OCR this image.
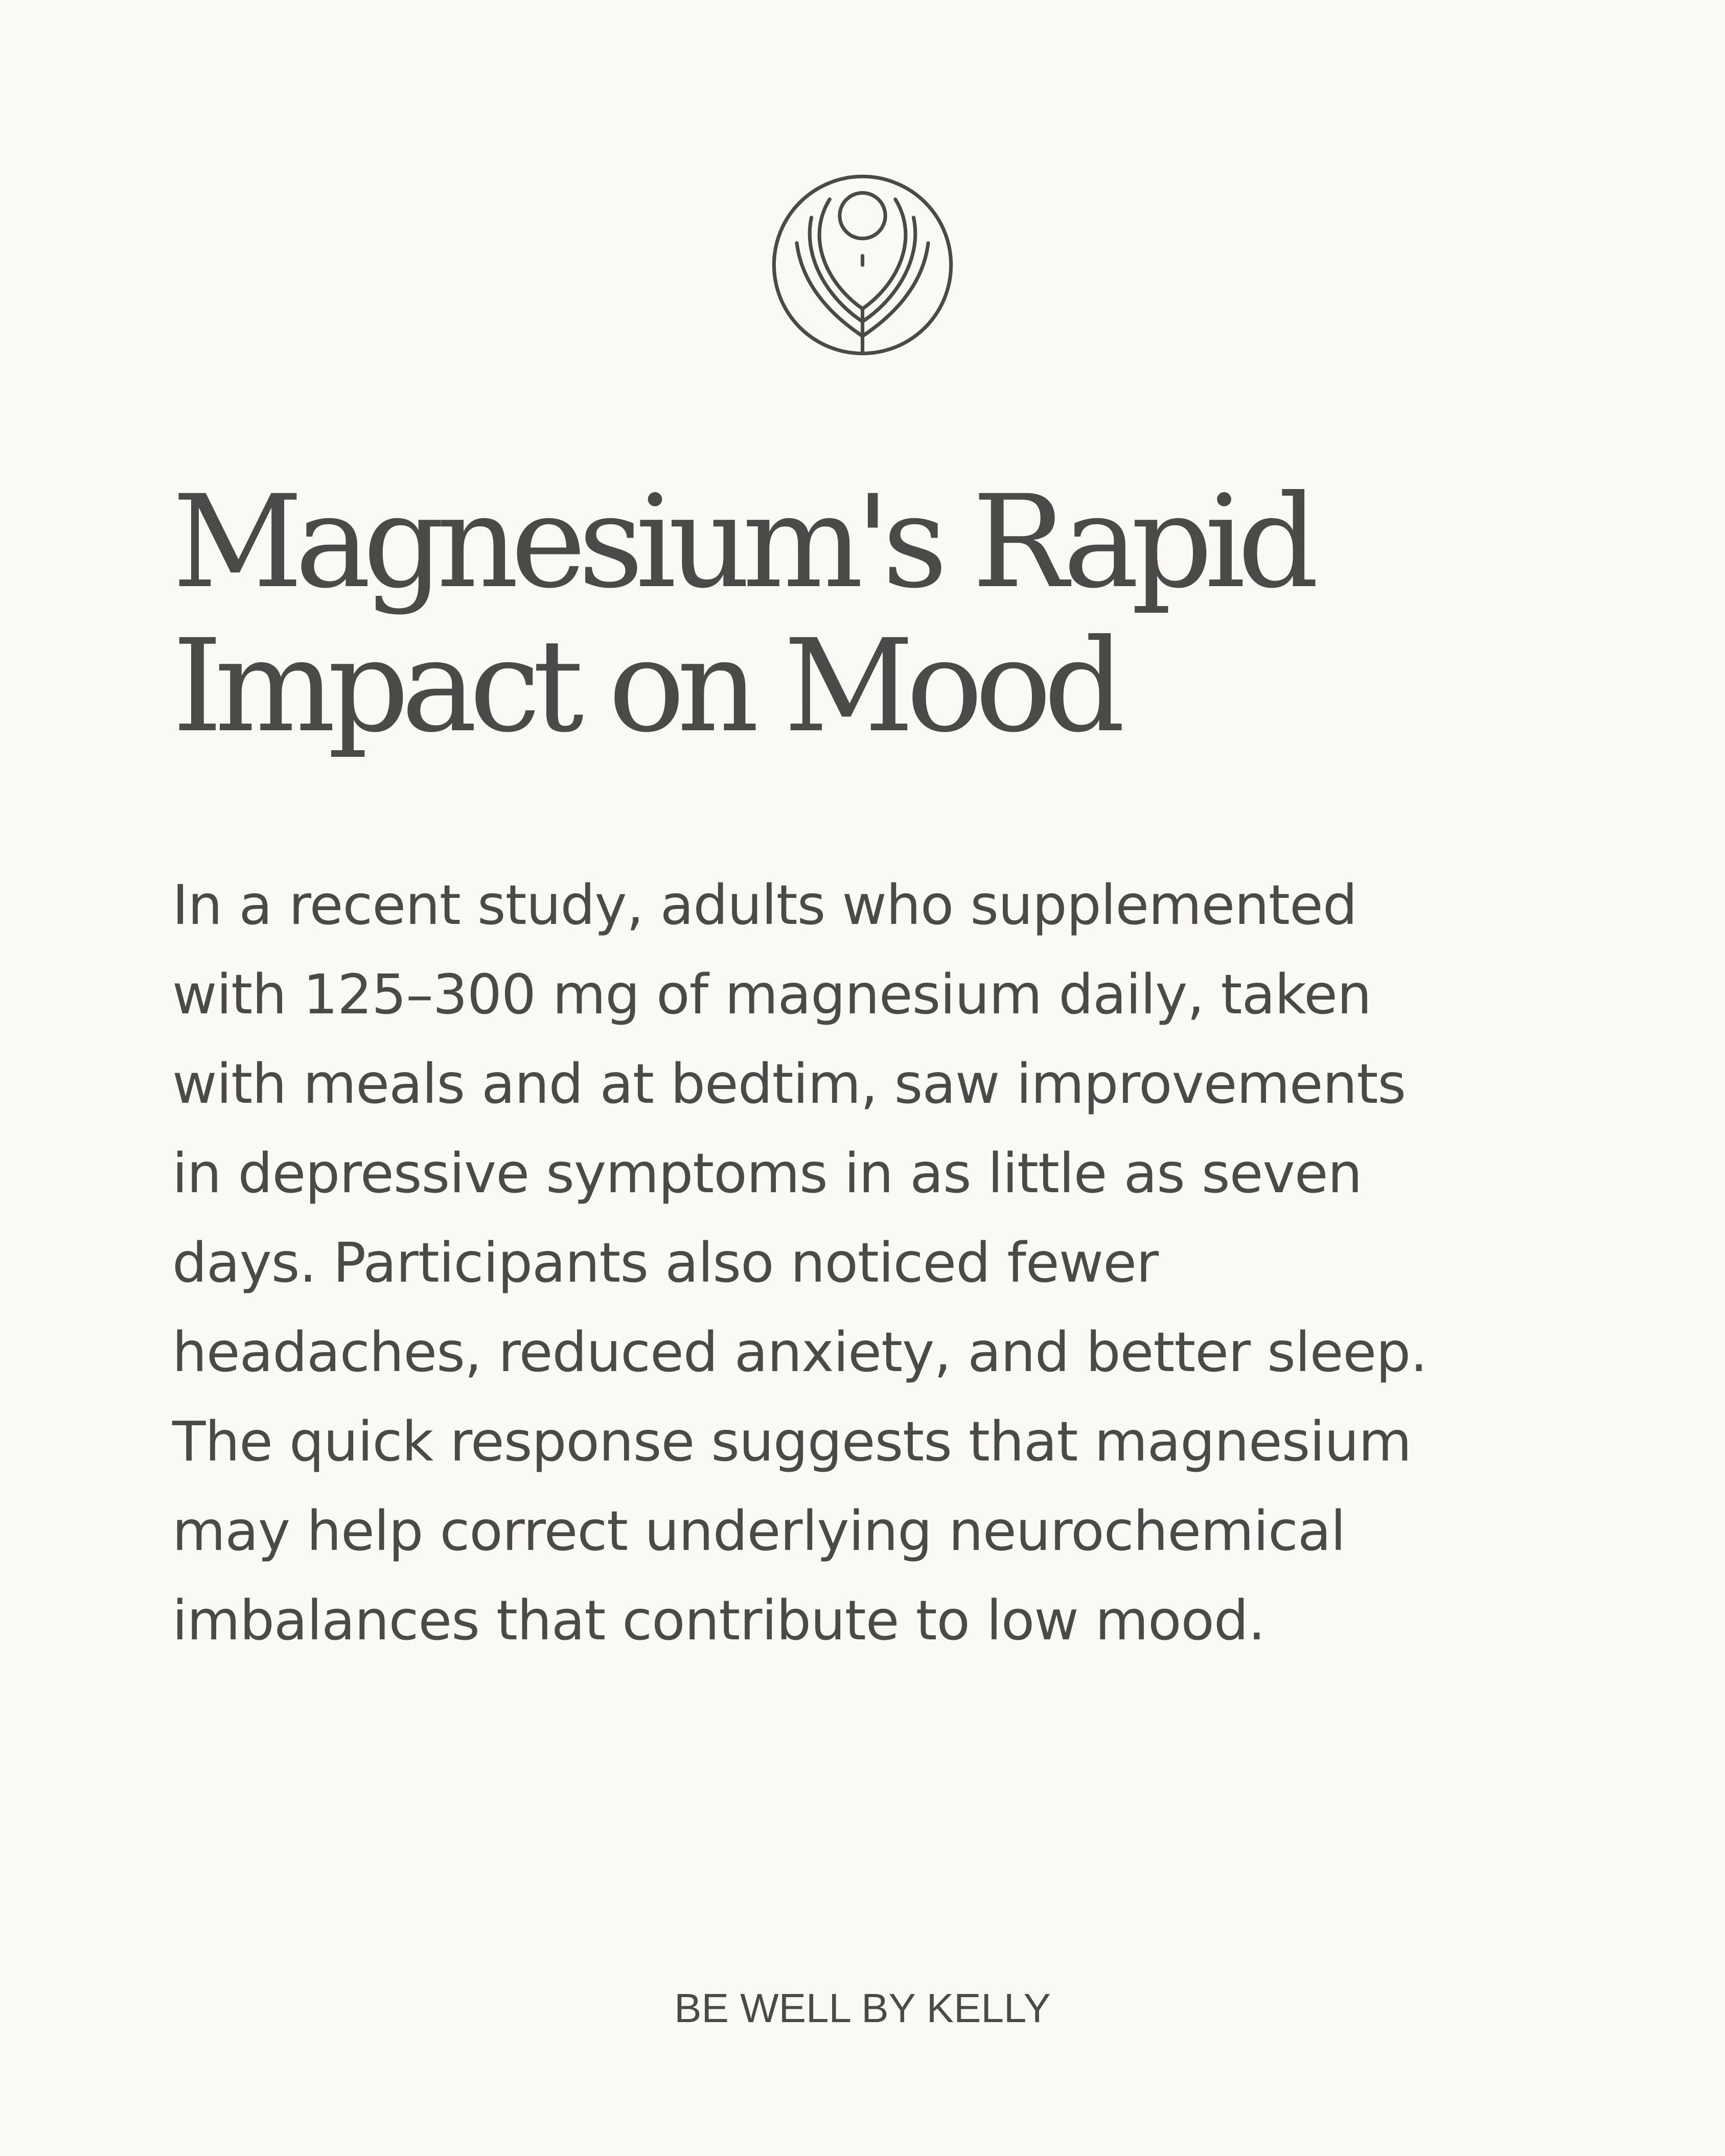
Magnesium's Rapid
Impact on Mood
In a recent study, adults who supplemented
with 125–300 mg of magnesium daily, taken
with meals and at bedtim, saw improvements
in depressive symptoms in as little as seven
days. Participants also noticed fewer
headaches, reduced anxiety, and better sleep.
The quick response suggests that magnesium
may help correct underlying neurochemical
imbalances that contribute to low mood.
BE WELL BY KELLY
